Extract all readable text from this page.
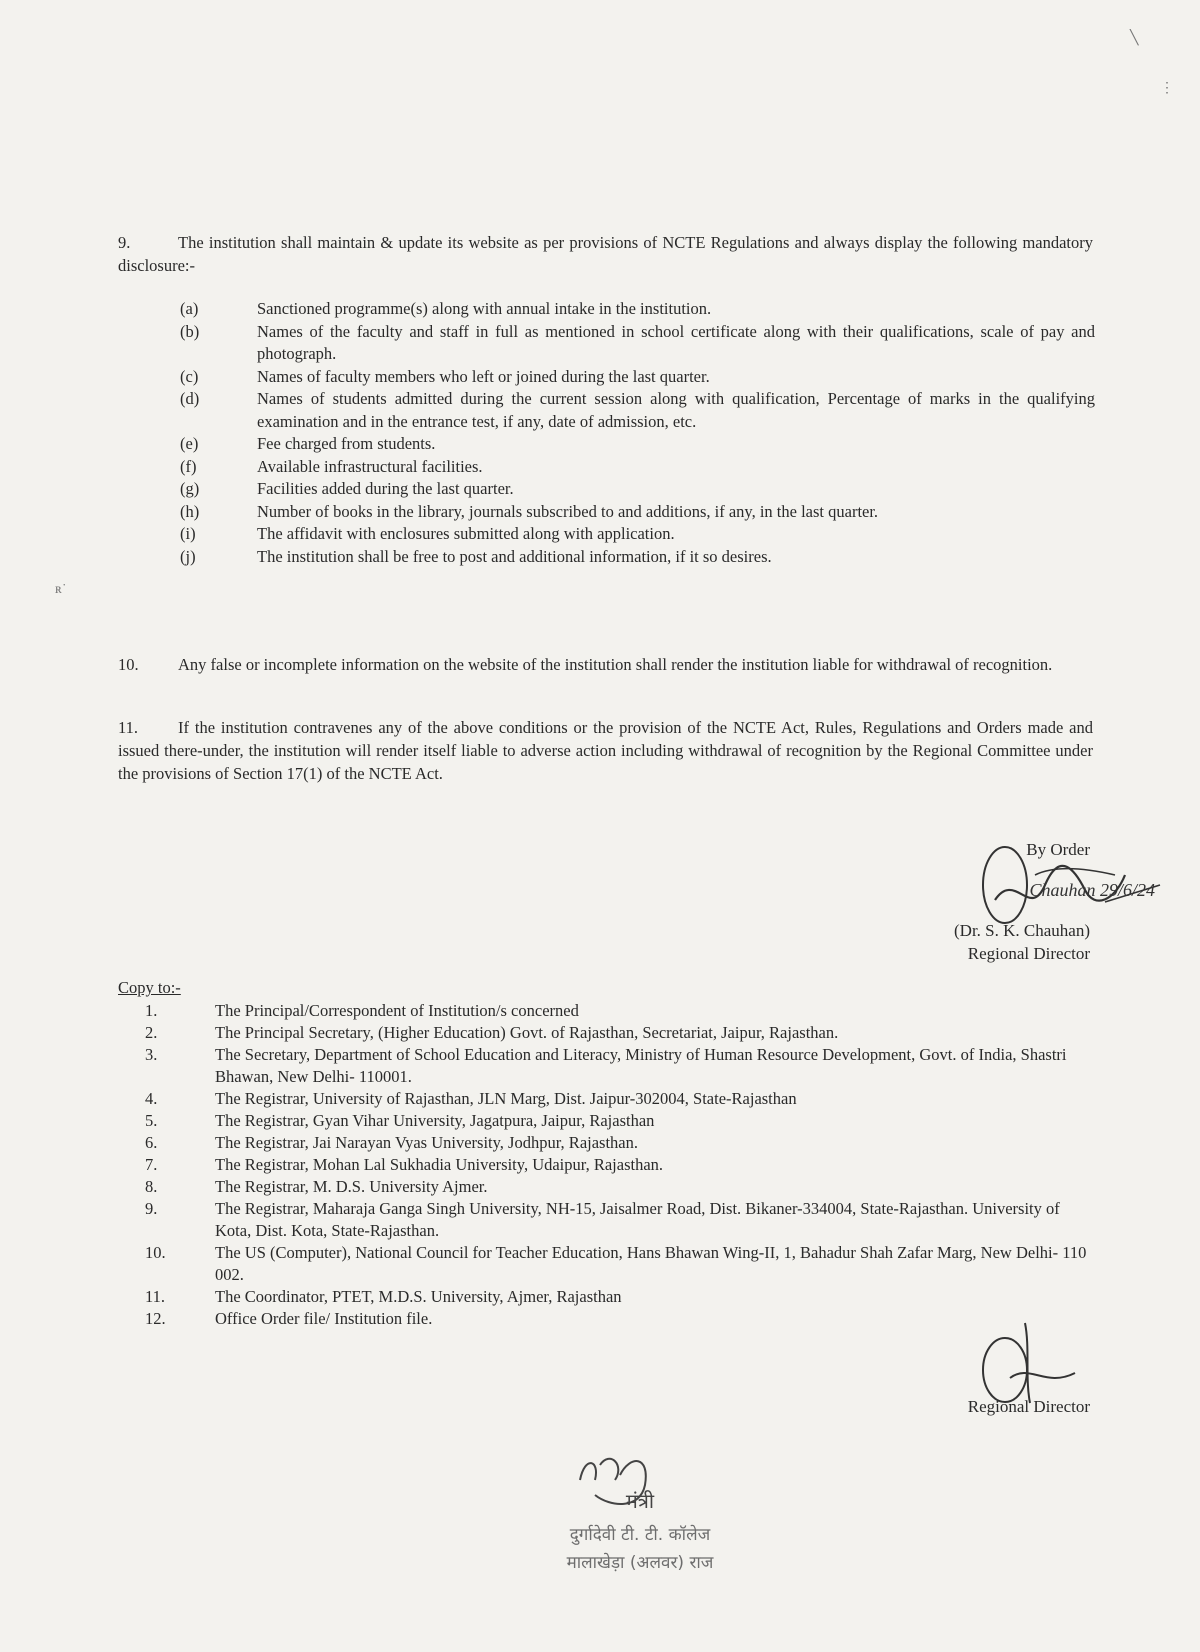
╲
⋮
ʀ˙
9.	The institution shall maintain & update its website as per provisions of NCTE Regulations and always display the following mandatory disclosure:-
(a)	Sanctioned programme(s) along with annual intake in the institution.
(b)	Names of the faculty and staff in full as mentioned in school certificate along with their qualifications, scale of pay and photograph.
(c)	Names of faculty members who left or joined during the last quarter.
(d)	Names of students admitted during the current session along with qualification, Percentage of marks in the qualifying examination and in the entrance test, if any, date of admission, etc.
(e)	Fee charged from students.
(f)	Available infrastructural facilities.
(g)	Facilities added during the last quarter.
(h)	Number of books in the library, journals subscribed to and additions, if any, in the last quarter.
(i)	The affidavit with enclosures submitted along with application.
(j)	The institution shall be free to post and additional information, if it so desires.
10. Any false or incomplete information on the website of the institution shall render the institution liable for withdrawal of recognition.
11. If the institution contravenes any of the above conditions or the provision of the NCTE Act, Rules, Regulations and Orders made and issued there-under, the institution will render itself liable to adverse action including withdrawal of recognition by the Regional Committee under the provisions of Section 17(1) of the NCTE Act.
By Order
Chauhan 29/6/24
(Dr. S. K. Chauhan)
Regional Director
Copy to:-
1.	The Principal/Correspondent of Institution/s concerned
2.	The Principal Secretary, (Higher Education) Govt. of Rajasthan, Secretariat, Jaipur, Rajasthan.
3.	The Secretary, Department of School Education and Literacy, Ministry of Human Resource Development, Govt. of India, Shastri Bhawan, New Delhi- 110001.
4.	The Registrar, University of Rajasthan, JLN Marg, Dist. Jaipur-302004, State-Rajasthan
5.	The Registrar, Gyan Vihar University, Jagatpura, Jaipur, Rajasthan
6.	The Registrar, Jai Narayan Vyas University, Jodhpur, Rajasthan.
7.	The Registrar, Mohan Lal Sukhadia University, Udaipur, Rajasthan.
8.	The Registrar, M. D.S. University Ajmer.
9.	The Registrar, Maharaja Ganga Singh University, NH-15, Jaisalmer Road, Dist. Bikaner-334004, State-Rajasthan. University of Kota, Dist. Kota, State-Rajasthan.
10.	The US (Computer), National Council for Teacher Education, Hans Bhawan Wing-II, 1, Bahadur Shah Zafar Marg, New Delhi- 110 002.
11.	The Coordinator, PTET, M.D.S. University, Ajmer, Rajasthan
12.	Office Order file/ Institution file.
Regional Director
मंत्री
दुर्गादेवी टी. टी. कॉलेज
मालाखेड़ा (अलवर) राज
